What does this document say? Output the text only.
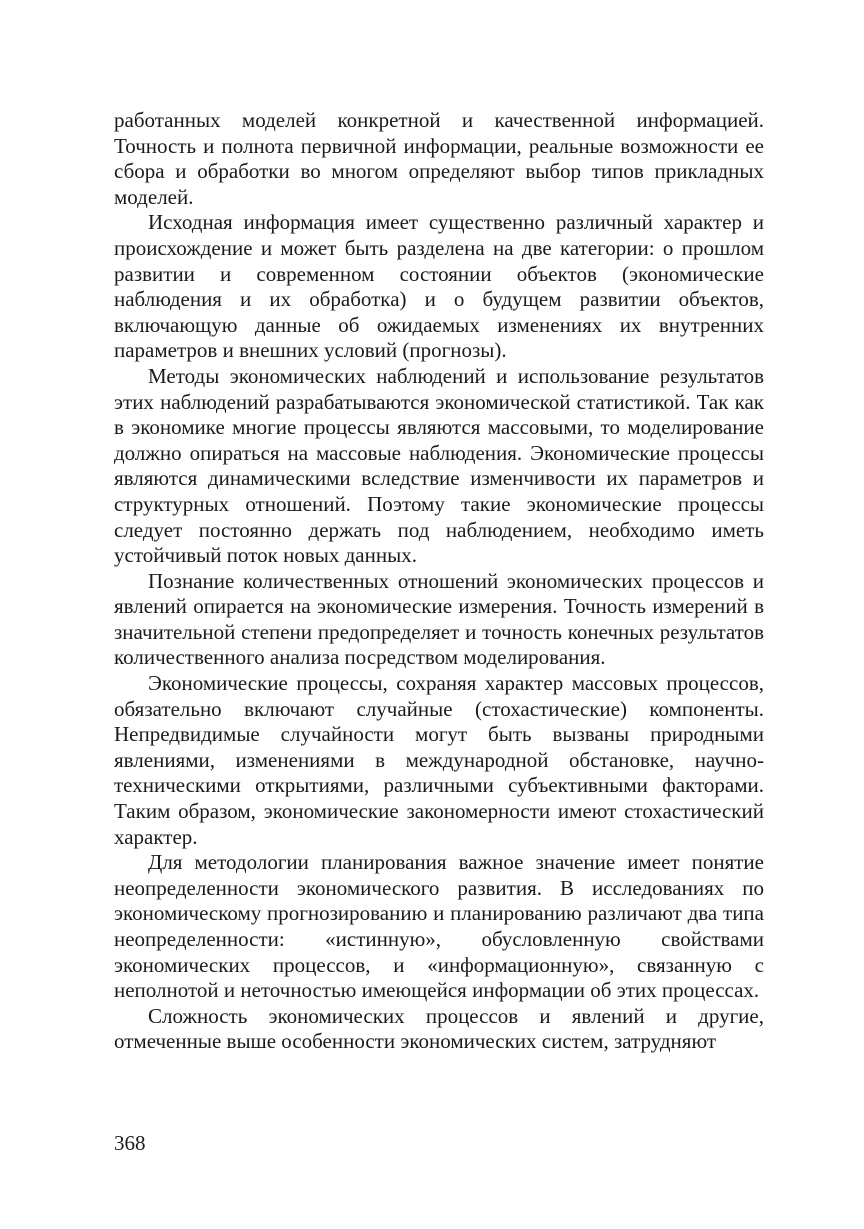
работанных моделей конкретной и качественной информацией. Точность и полнота первичной информации, реальные возможности ее сбора и обработки во многом определяют выбор типов прикладных моделей.

Исходная информация имеет существенно различный характер и происхождение и может быть разделена на две категории: о прошлом развитии и современном состоянии объектов (экономические наблюдения и их обработка) и о будущем развитии объектов, включающую данные об ожидаемых изменениях их внутренних параметров и внешних условий (прогнозы).

Методы экономических наблюдений и использование результатов этих наблюдений разрабатываются экономической статистикой. Так как в экономике многие процессы являются массовыми, то моделирование должно опираться на массовые наблюдения. Экономические процессы являются динамическими вследствие изменчивости их параметров и структурных отношений. Поэтому такие экономические процессы следует постоянно держать под наблюдением, необходимо иметь устойчивый поток новых данных.

Познание количественных отношений экономических процессов и явлений опирается на экономические измерения. Точность измерений в значительной степени предопределяет и точность конечных результатов количественного анализа посредством моделирования.

Экономические процессы, сохраняя характер массовых процессов, обязательно включают случайные (стохастические) компоненты. Непредвидимые случайности могут быть вызваны природными явлениями, изменениями в международной обстановке, научно-техническими открытиями, различными субъективными факторами. Таким образом, экономические закономерности имеют стохастический характер.

Для методологии планирования важное значение имеет понятие неопределенности экономического развития. В исследованиях по экономическому прогнозированию и планированию различают два типа неопределенности: «истинную», обусловленную свойствами экономических процессов, и «информационную», связанную с неполнотой и неточностью имеющейся информации об этих процессах.

Сложность экономических процессов и явлений и другие, отмеченные выше особенности экономических систем, затрудняют

368
